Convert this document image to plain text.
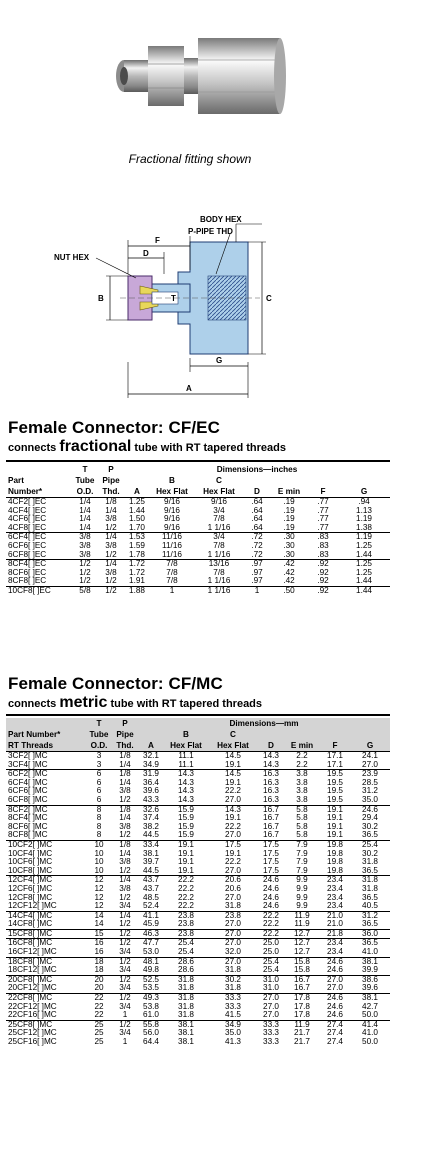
Fractional fitting shown
BODY HEX
P-PIPE THD
NUT HEX
F
D
B	T	C
G
A
Female Connector: CF/EC
connects fractional tube with RT tapered threads
	T	P	Dimensions—inches						
Part	Tube	Pipe		B	C				
Number*	O.D.	Thd.	A	Hex Flat	Hex Flat	D	E min	F	G
4CF2[ ]EC	1/4	1/8	1.25	9/16	9/16	.64	.19	.77	.94
4CF4[ ]EC	1/4	1/4	1.44	9/16	3/4	.64	.19	.77	1.13
4CF6[ ]EC	1/4	3/8	1.50	9/16	7/8	.64	.19	.77	1.19
4CF8[ ]EC	1/4	1/2	1.70	9/16	1 1/16	.64	.19	.77	1.38
6CF4[ ]EC	3/8	1/4	1.53	11/16	3/4	.72	.30	.83	1.19
6CF6[ ]EC	3/8	3/8	1.59	11/16	7/8	.72	.30	.83	1.25
6CF8[ ]EC	3/8	1/2	1.78	11/16	1 1/16	.72	.30	.83	1.44
8CF4[ ]EC	1/2	1/4	1.72	7/8	13/16	.97	.42	.92	1.25
8CF6[ ]EC	1/2	3/8	1.72	7/8	7/8	.97	.42	.92	1.25
8CF8[ ]EC	1/2	1/2	1.91	7/8	1 1/16	.97	.42	.92	1.44
10CF8[ ]EC	5/8	1/2	1.88	1	1 1/16	1	.50	.92	1.44
Female Connector: CF/MC
connects metric tube with RT tapered threads
	T	P	Dimensions—mm						
Part Number*	Tube	Pipe		B	C				
RT Threads	O.D.	Thd.	A	Hex Flat	Hex Flat	D	E min	F	G
3CF2[ ]MC	3	1/8	32.1	11.1	14.5	14.3	2.2	17.1	24.1
3CF4[ ]MC	3	1/4	34.9	11.1	19.1	14.3	2.2	17.1	27.0
6CF2[ ]MC	6	1/8	31.9	14.3	14.5	16.3	3.8	19.5	23.9
6CF4[ ]MC	6	1/4	36.4	14.3	19.1	16.3	3.8	19.5	28.5
6CF6[ ]MC	6	3/8	39.6	14.3	22.2	16.3	3.8	19.5	31.2
6CF8[ ]MC	6	1/2	43.3	14.3	27.0	16.3	3.8	19.5	35.0
8CF2[ ]MC	8	1/8	32.6	15.9	14.3	16.7	5.8	19.1	24.6
8CF4[ ]MC	8	1/4	37.4	15.9	19.1	16.7	5.8	19.1	29.4
8CF6[ ]MC	8	3/8	38.2	15.9	22.2	16.7	5.8	19.1	30.2
8CF8[ ]MC	8	1/2	44.5	15.9	27.0	16.7	5.8	19.1	36.5
10CF2[ ]MC	10	1/8	33.4	19.1	17.5	17.5	7.9	19.8	25.4
10CF4[ ]MC	10	1/4	38.1	19.1	19.1	17.5	7.9	19.8	30.2
10CF6[ ]MC	10	3/8	39.7	19.1	22.2	17.5	7.9	19.8	31.8
10CF8[ ]MC	10	1/2	44.5	19.1	27.0	17.5	7.9	19.8	36.5
12CF4[ ]MC	12	1/4	43.7	22.2	20.6	24.6	9.9	23.4	31.8
12CF6[ ]MC	12	3/8	43.7	22.2	20.6	24.6	9.9	23.4	31.8
12CF8[ ]MC	12	1/2	48.5	22.2	27.0	24.6	9.9	23.4	36.5
12CF12[ ]MC	12	3/4	52.4	22.2	31.8	24.6	9.9	23.4	40.5
14CF4[ ]MC	14	1/4	41.1	23.8	23.8	22.2	11.9	21.0	31.2
14CF8[ ]MC	14	1/2	45.9	23.8	27.0	22.2	11.9	21.0	36.5
15CF8[ ]MC	15	1/2	46.3	23.8	27.0	22.2	12.7	21.8	36.0
16CF8[ ]MC	16	1/2	47.7	25.4	27.0	25.0	12.7	23.4	36.5
16CF12[ ]MC	16	3/4	53.0	25.4	32.0	25.0	12.7	23.4	41.0
18CF8[ ]MC	18	1/2	48.1	28.6	27.0	25.4	15.8	24.6	38.1
18CF12[ ]MC	18	3/4	49.8	28.6	31.8	25.4	15.8	24.6	39.9
20CF8[ ]MC	20	1/2	52.5	31.8	30.2	31.0	16.7	27.0	38.6
20CF12[ ]MC	20	3/4	53.5	31.8	31.8	31.0	16.7	27.0	39.6
22CF8[ ]MC	22	1/2	49.3	31.8	33.3	27.0	17.8	24.6	38.1
22CF12[ ]MC	22	3/4	53.8	31.8	33.3	27.0	17.8	24.6	42.7
22CF16[ ]MC	22	1	61.0	31.8	41.5	27.0	17.8	24.6	50.0
25CF8[ ]MC	25	1/2	55.8	38.1	34.9	33.3	11.9	27.4	41.4
25CF12[ ]MC	25	3/4	56.0	38.1	35.0	33.3	21.7	27.4	41.0
25CF16[ ]MC	25	1	64.4	38.1	41.3	33.3	21.7	27.4	50.0
